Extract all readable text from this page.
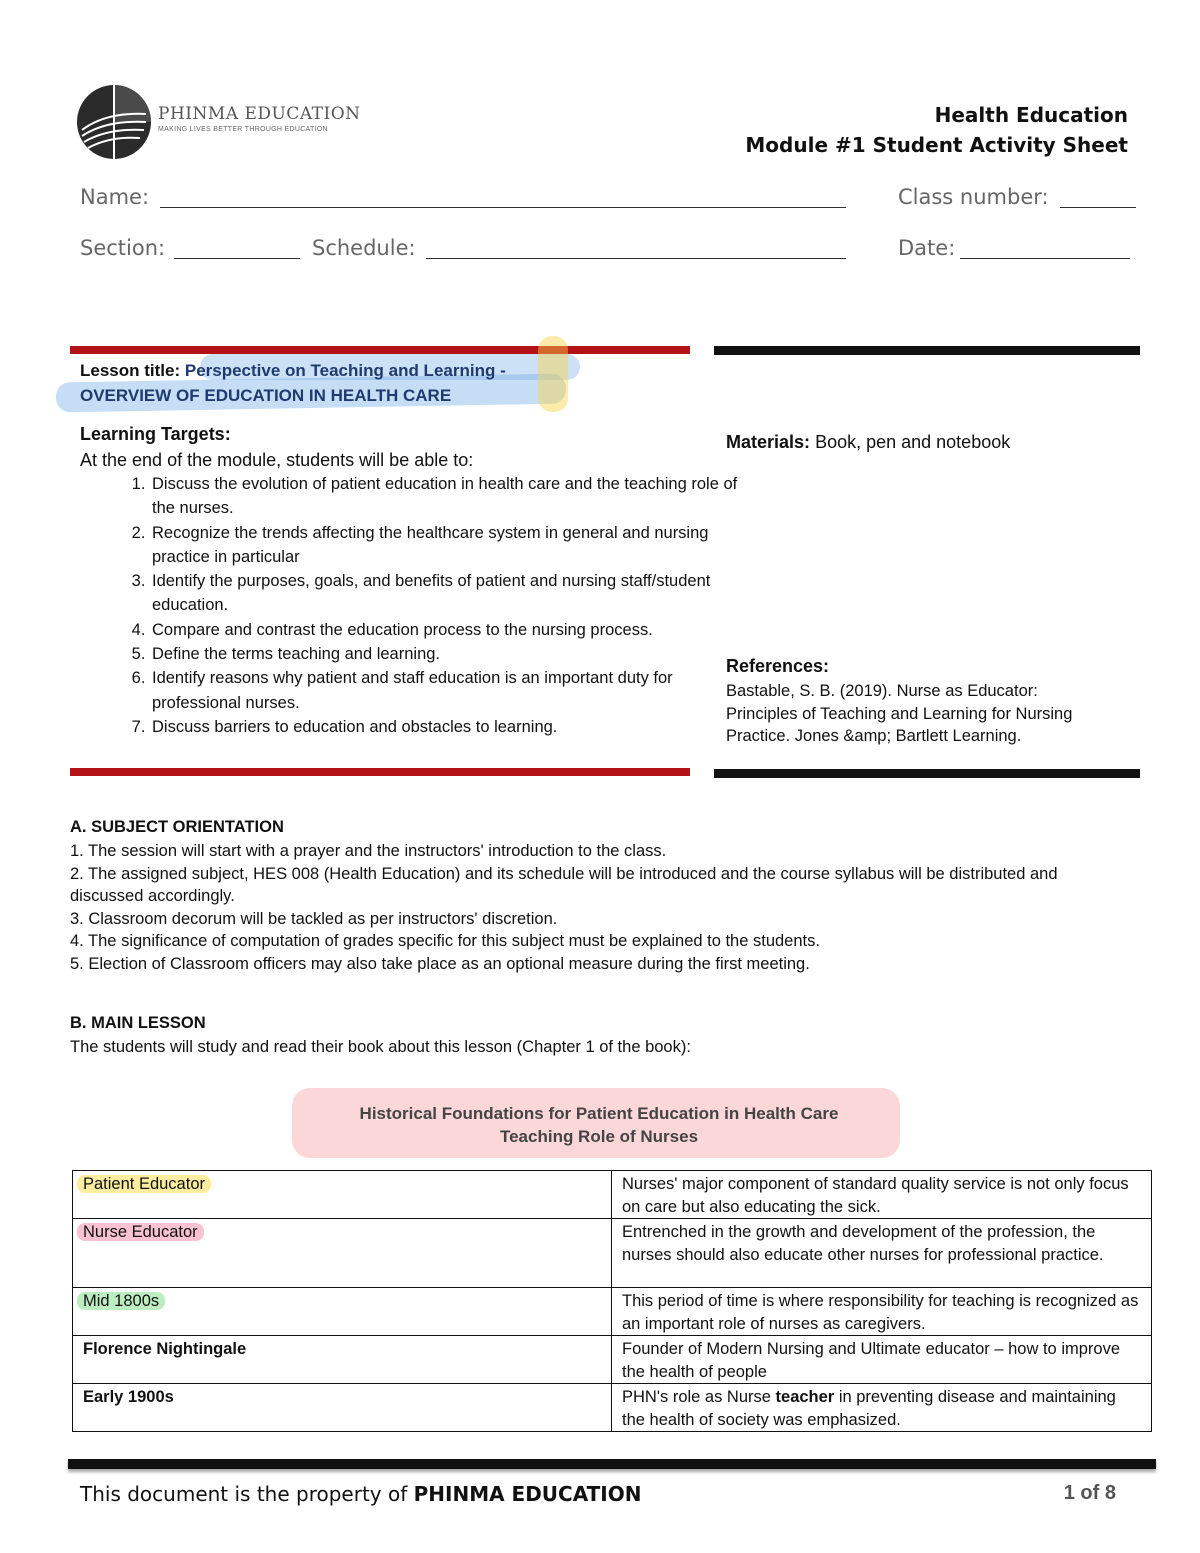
PHINMA EDUCATION
MAKING LIVES BETTER THROUGH EDUCATION
Health Education
Module #1 Student Activity Sheet
Name:	Class number:
Section:	Schedule:	Date:
Lesson title: Perspective on Teaching and Learning -
OVERVIEW OF EDUCATION IN HEALTH CARE
Learning Targets:
At the end of the module, students will be able to:
1. Discuss the evolution of patient education in health care and the teaching role of the nurses.
2. Recognize the trends affecting the healthcare system in general and nursing practice in particular
3. Identify the purposes, goals, and benefits of patient and nursing staff/student education.
4. Compare and contrast the education process to the nursing process.
5. Define the terms teaching and learning.
6. Identify reasons why patient and staff education is an important duty for professional nurses.
7. Discuss barriers to education and obstacles to learning.
Materials: Book, pen and notebook
References:
Bastable, S. B. (2019). Nurse as Educator: Principles of Teaching and Learning for Nursing Practice. Jones &amp; Bartlett Learning.
A. SUBJECT ORIENTATION
1. The session will start with a prayer and the instructors' introduction to the class.
2. The assigned subject, HES 008 (Health Education) and its schedule will be introduced and the course syllabus will be distributed and discussed accordingly.
3. Classroom decorum will be tackled as per instructors' discretion.
4. The significance of computation of grades specific for this subject must be explained to the students.
5. Election of Classroom officers may also take place as an optional measure during the first meeting.
B. MAIN LESSON
The students will study and read their book about this lesson (Chapter 1 of the book):
Historical Foundations for Patient Education in Health Care
Teaching Role of Nurses
Patient Educator	Nurses' major component of standard quality service is not only focus on care but also educating the sick.
Nurse Educator	Entrenched in the growth and development of the profession, the nurses should also educate other nurses for professional practice.
Mid 1800s	This period of time is where responsibility for teaching is recognized as an important role of nurses as caregivers.
Florence Nightingale	Founder of Modern Nursing and Ultimate educator – how to improve the health of people
Early 1900s	PHN's role as Nurse teacher in preventing disease and maintaining the health of society was emphasized.
This document is the property of PHINMA EDUCATION	1 of 8
